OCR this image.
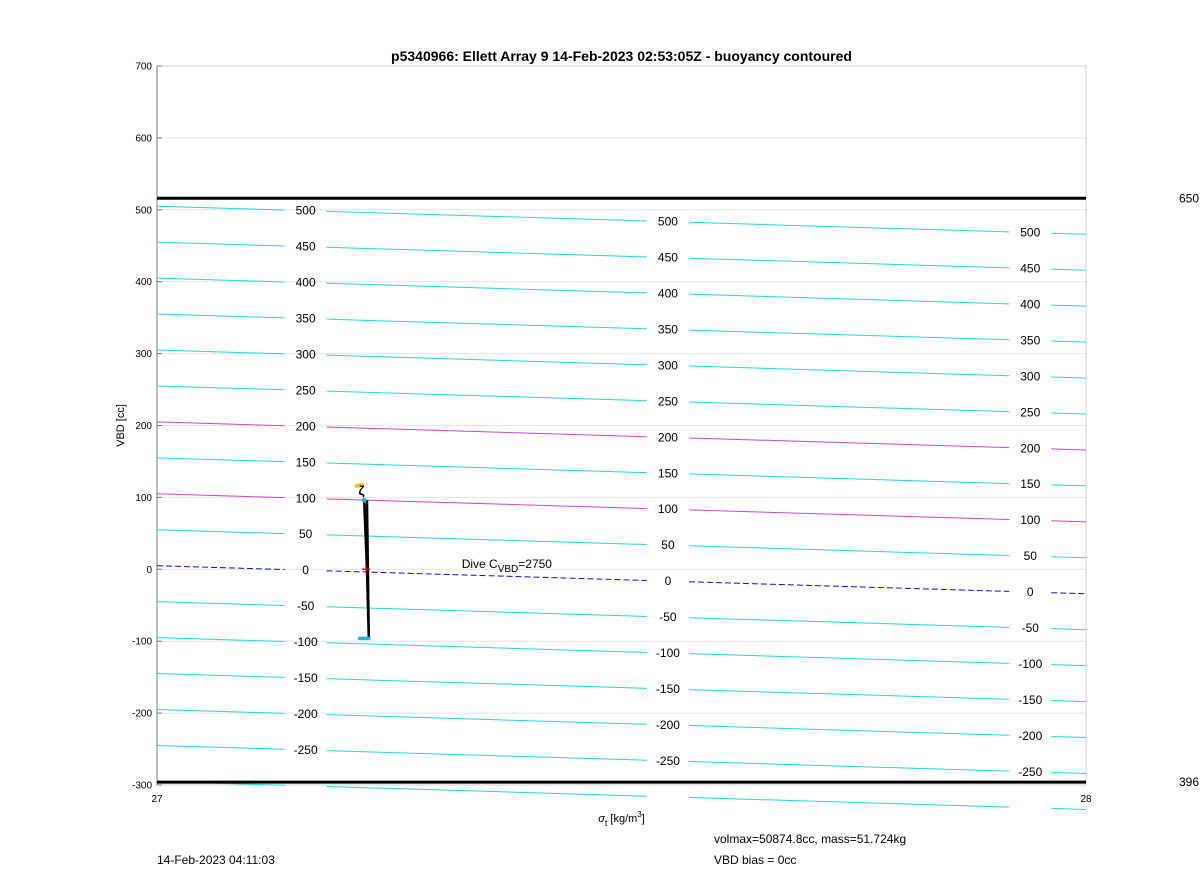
-300
-200
-100
0
100
200
300
400
500
600
700
27	28
500
500
500
450
450
450
400
400
400
350
350
350
300
300
300
250
250
250
200
200
200
150
150
150
100
100
100
50
50
50
0
0
0
-50
-50
-50
-100
-100
-100
-150
-150
-150
-200
-200
-200
-250
-250
-250
650
396
ζ
Dive $C_{VBD}=2750$
p5340966: Ellett Array 9 14-Feb-2023 02:53:05Z - buoyancy contoured
VBD [cc]
$\sigma_t$ $[kg/m^3]$
14-Feb-2023 04:11:03
volmax=50874.8cc, mass=51.724kg
VBD bias = 0cc
